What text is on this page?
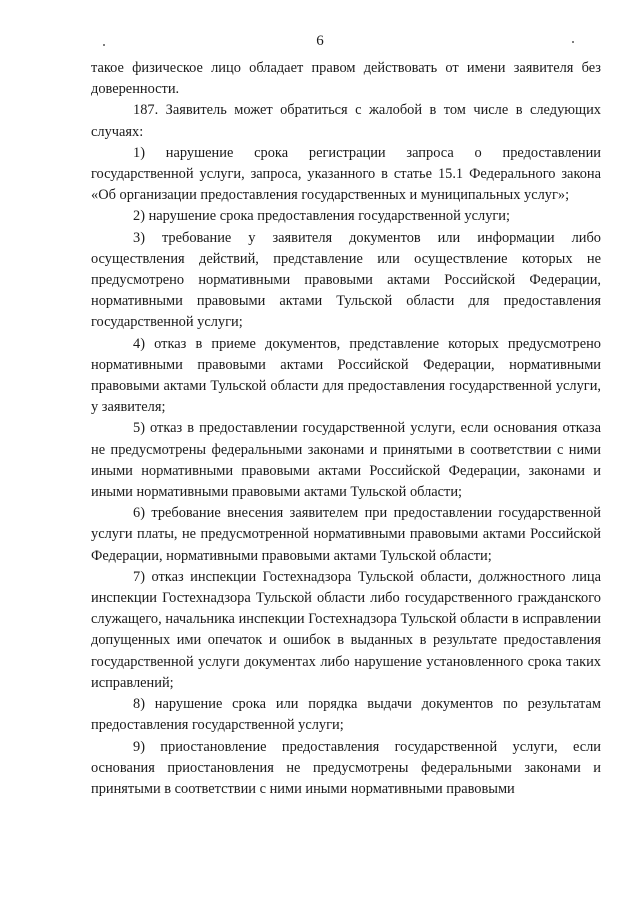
6

такое физическое лицо обладает правом действовать от имени заявителя без доверенности.

187. Заявитель может обратиться с жалобой в том числе в следующих случаях:

1) нарушение срока регистрации запроса о предоставлении государственной услуги, запроса, указанного в статье 15.1 Федерального закона «Об организации предоставления государственных и муниципальных услуг»;

2) нарушение срока предоставления государственной услуги;

3) требование у заявителя документов или информации либо осуществления действий, представление или осуществление которых не предусмотрено нормативными правовыми актами Российской Федерации, нормативными правовыми актами Тульской области для предоставления государственной услуги;

4) отказ в приеме документов, представление которых предусмотрено нормативными правовыми актами Российской Федерации, нормативными правовыми актами Тульской области для предоставления государственной услуги, у заявителя;

5) отказ в предоставлении государственной услуги, если основания отказа не предусмотрены федеральными законами и принятыми в соответствии с ними иными нормативными правовыми актами Российской Федерации, законами и иными нормативными правовыми актами Тульской области;

6) требование внесения заявителем при предоставлении государственной услуги платы, не предусмотренной нормативными правовыми актами Российской Федерации, нормативными правовыми актами Тульской области;

7) отказ инспекции Гостехнадзора Тульской области, должностного лица инспекции Гостехнадзора Тульской области либо государственного гражданского служащего, начальника инспекции Гостехнадзора Тульской области в исправлении допущенных ими опечаток и ошибок в выданных в результате предоставления государственной услуги документах либо нарушение установленного срока таких исправлений;

8) нарушение срока или порядка выдачи документов по результатам предоставления государственной услуги;

9) приостановление предоставления государственной услуги, если основания приостановления не предусмотрены федеральными законами и принятыми в соответствии с ними иными нормативными правовыми
